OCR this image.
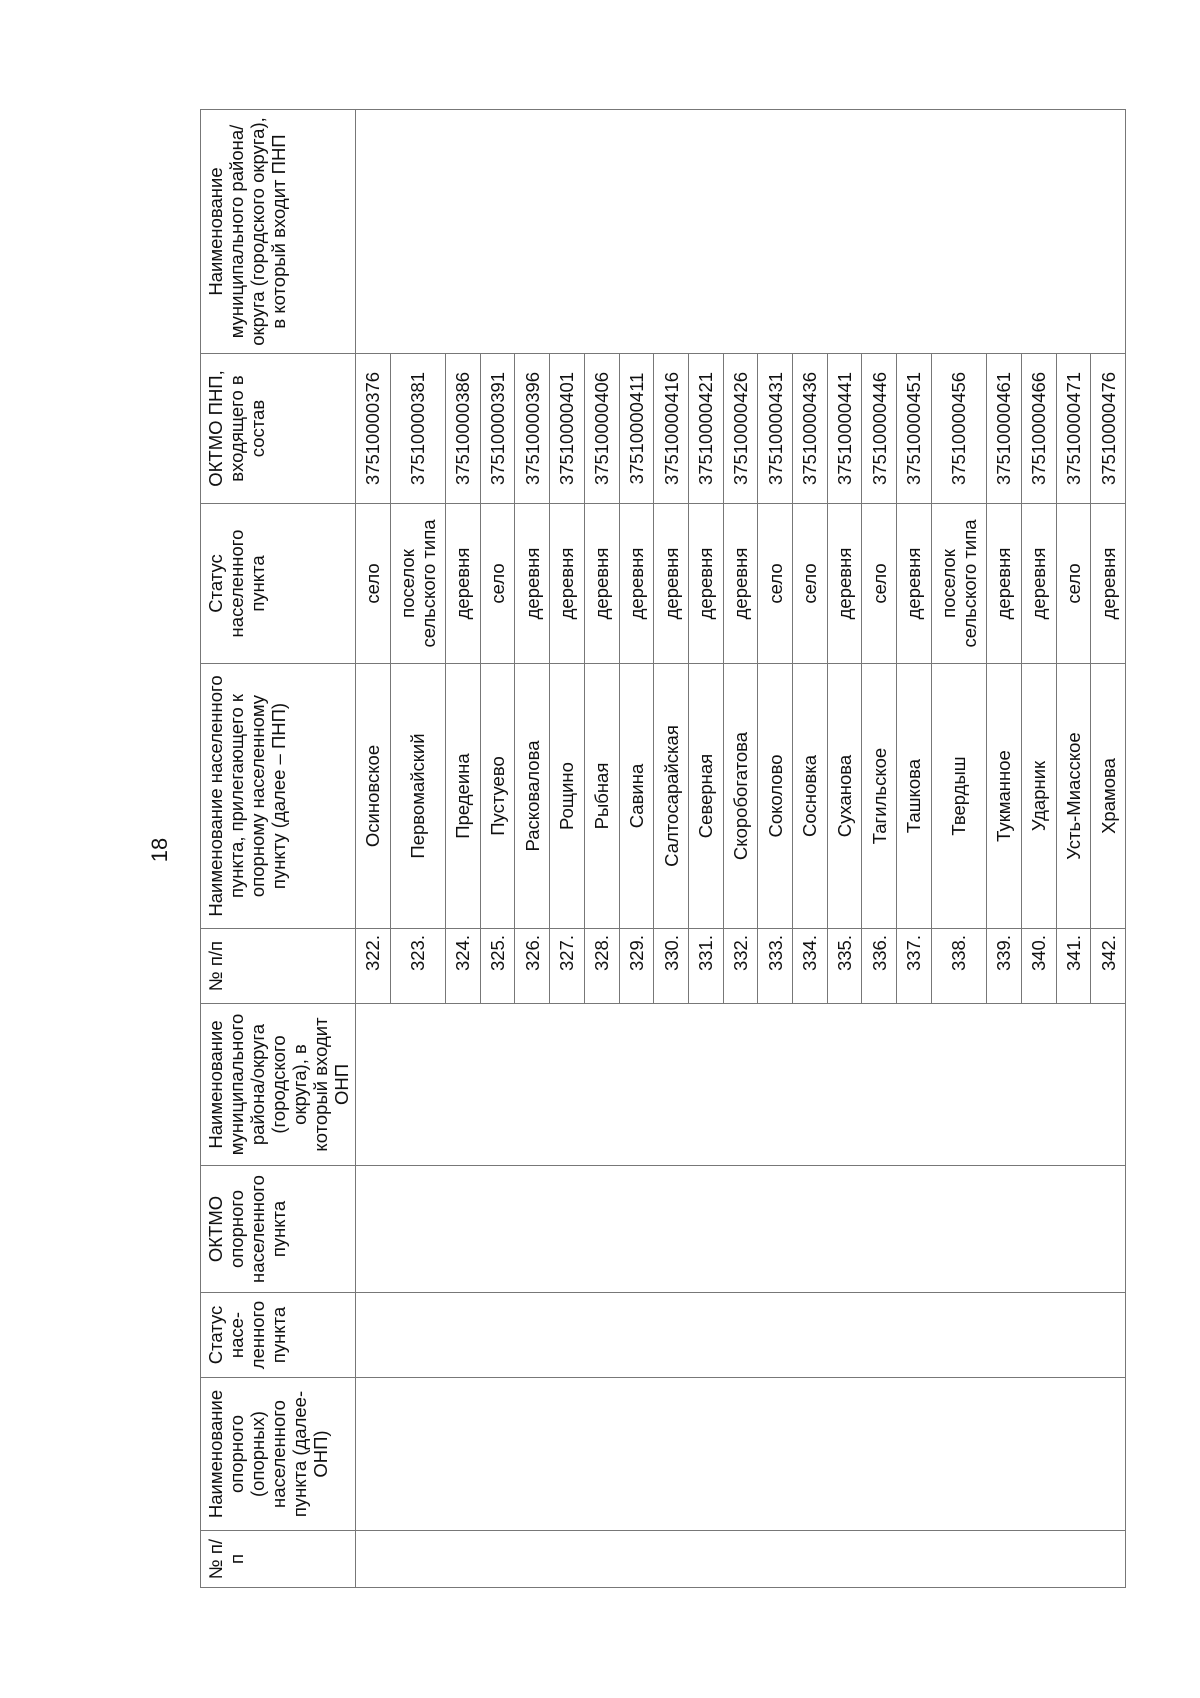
18
№ п/п	Наименование опорного (опорных) населенного пункта (далее-ОНП)	Статус насе-ленного пункта	ОКТМО опорного населенного пункта	Наименование муниципального района/округа (городского округа), в который входит ОНП	№ п/п	Наименование населенного пункта, прилегающего к опорному населенному пункту (далее – ПНП)	Статус населенного пункта	ОКТМО ПНП, входящего в состав	Наименование муниципального района/округа (городского округа), в который входит ПНП
					322.	Осиновское	село	37510000376	
					323.	Первомайский	поселок сельского типа	37510000381	
					324.	Предеина	деревня	37510000386	
					325.	Пустуево	село	37510000391	
					326.	Расковалова	деревня	37510000396	
					327.	Рощино	деревня	37510000401	
					328.	Рыбная	деревня	37510000406	
					329.	Савина	деревня	37510000411	
					330.	Салтосарайская	деревня	37510000416	
					331.	Северная	деревня	37510000421	
					332.	Скоробогатова	деревня	37510000426	
					333.	Соколово	село	37510000431	
					334.	Сосновка	село	37510000436	
					335.	Суханова	деревня	37510000441	
					336.	Тагильское	село	37510000446	
					337.	Ташкова	деревня	37510000451	
					338.	Твердыш	поселок сельского типа	37510000456	
					339.	Тукманное	деревня	37510000461	
					340.	Ударник	деревня	37510000466	
					341.	Усть-Миасское	село	37510000471	
					342.	Храмова	деревня	37510000476	
